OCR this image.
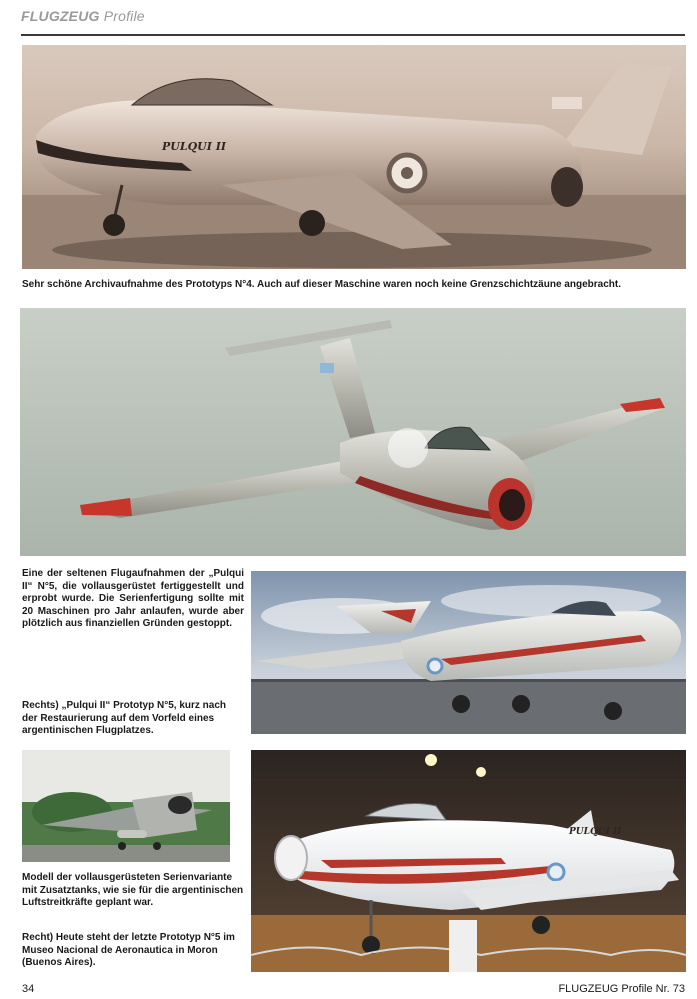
FLUGZEUG Profile
PULQUI II
Sehr schöne Archivaufnahme des Prototyps N°4. Auch auf dieser Maschine waren noch keine Grenzschichtzäune angebracht.
Eine der seltenen Flugaufnahmen der „Pulqui II“ N°5, die vollausgerüstet fertiggestellt und erprobt wurde. Die Serienfertigung sollte mit 20 Maschinen pro Jahr anlaufen, wurde aber plötzlich aus finanziellen Gründen gestoppt.
Rechts) „Pulqui II“ Prototyp N°5, kurz nach der Restaurierung auf dem Vorfeld eines argentinischen Flugplatzes.
Modell der vollausgerüsteten Serienvariante mit Zusatztanks, wie sie für die argentinischen Luftstreitkräfte geplant war.
PULQUI II
Recht) Heute steht der letzte Prototyp N°5 im Museo Nacional de Aeronautica in Moron (Buenos Aires).
34	FLUGZEUG Profile Nr. 73
